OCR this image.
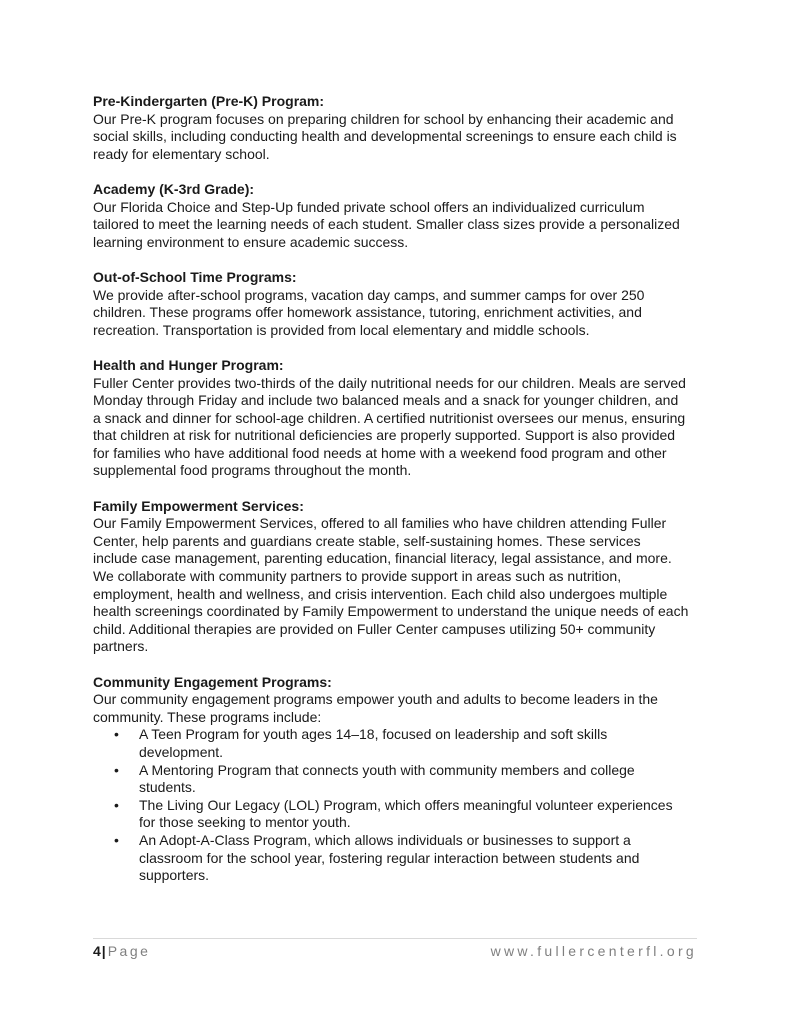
Pre-Kindergarten (Pre-K) Program:
Our Pre-K program focuses on preparing children for school by enhancing their academic and
social skills, including conducting health and developmental screenings to ensure each child is
ready for elementary school.
Academy (K-3rd Grade):
Our Florida Choice and Step-Up funded private school offers an individualized curriculum
tailored to meet the learning needs of each student. Smaller class sizes provide a personalized
learning environment to ensure academic success.
Out-of-School Time Programs:
We provide after-school programs, vacation day camps, and summer camps for over 250
children. These programs offer homework assistance, tutoring, enrichment activities, and
recreation. Transportation is provided from local elementary and middle schools.
Health and Hunger Program:
Fuller Center provides two-thirds of the daily nutritional needs for our children. Meals are served
Monday through Friday and include two balanced meals and a snack for younger children, and
a snack and dinner for school-age children. A certified nutritionist oversees our menus, ensuring
that children at risk for nutritional deficiencies are properly supported. Support is also provided
for families who have additional food needs at home with a weekend food program and other
supplemental food programs throughout the month.
Family Empowerment Services:
Our Family Empowerment Services, offered to all families who have children attending Fuller
Center, help parents and guardians create stable, self-sustaining homes. These services
include case management, parenting education, financial literacy, legal assistance, and more.
We collaborate with community partners to provide support in areas such as nutrition,
employment, health and wellness, and crisis intervention. Each child also undergoes multiple
health screenings coordinated by Family Empowerment to understand the unique needs of each
child. Additional therapies are provided on Fuller Center campuses utilizing 50+ community
partners.
Community Engagement Programs:
Our community engagement programs empower youth and adults to become leaders in the
community. These programs include:
• A Teen Program for youth ages 14–18, focused on leadership and soft skills
development.
• A Mentoring Program that connects youth with community members and college
students.
• The Living Our Legacy (LOL) Program, which offers meaningful volunteer experiences
for those seeking to mentor youth.
• An Adopt-A-Class Program, which allows individuals or businesses to support a
classroom for the school year, fostering regular interaction between students and
supporters.
4| Page	www.fullercenterfl.org
